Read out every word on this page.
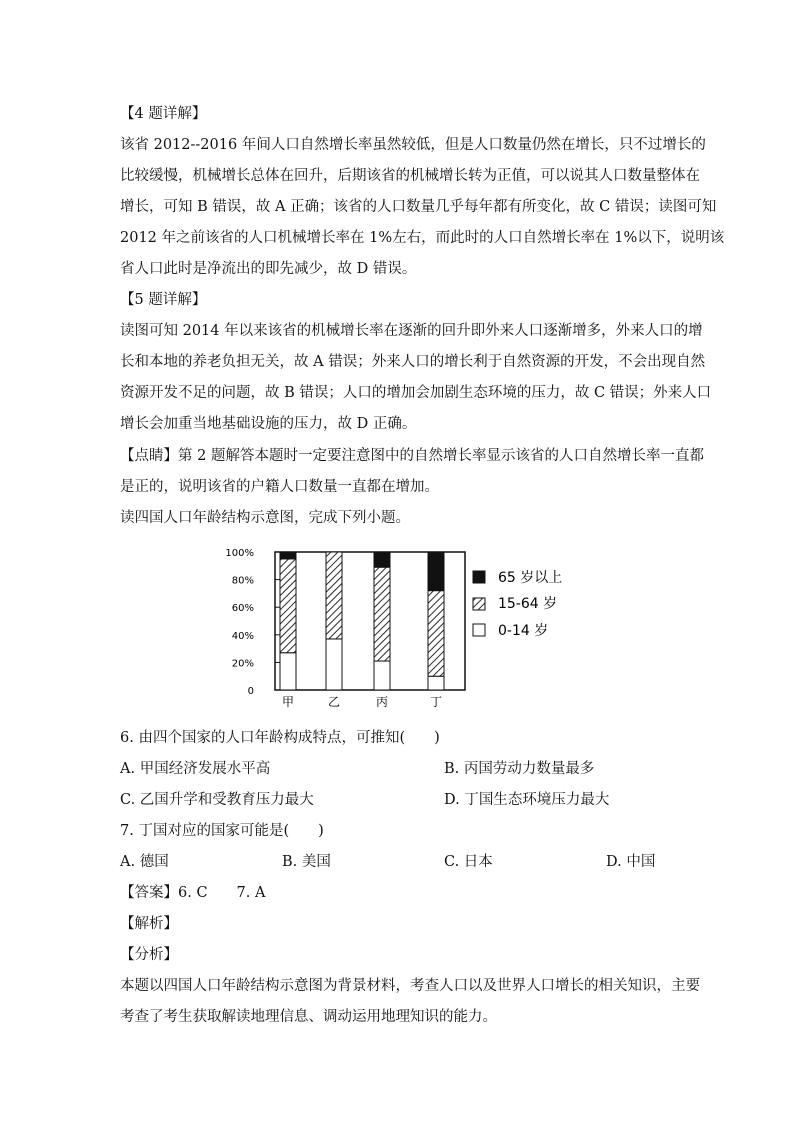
【4 题详解】
该省 2012--2016 年间人口自然增长率虽然较低，但是人口数量仍然在增长，只不过增长的
比较缓慢，机械增长总体在回升，后期该省的机械增长转为正值，可以说其人口数量整体在
增长，可知 B 错误，故 A 正确；该省的人口数量几乎每年都有所变化，故 C 错误；读图可知
2012 年之前该省的人口机械增长率在 1%左右，而此时的人口自然增长率在 1%以下，说明该
省人口此时是净流出的即先减少，故 D 错误。
【5 题详解】
读图可知 2014 年以来该省的机械增长率在逐渐的回升即外来人口逐渐增多，外来人口的增
长和本地的养老负担无关，故 A 错误；外来人口的增长利于自然资源的开发，不会出现自然
资源开发不足的问题，故 B 错误；人口的增加会加剧生态环境的压力，故 C 错误；外来人口
增长会加重当地基础设施的压力，故 D 正确。
【点睛】第 2 题解答本题时一定要注意图中的自然增长率显示该省的人口自然增长率一直都
是正的，说明该省的户籍人口数量一直都在增加。
读四国人口年龄结构示意图，完成下列小题。
0
20%
40%
60%
80%
100%
甲	乙	丙	丁
65 岁以上
15-64 岁
0-14 岁
6. 由四个国家的人口年龄构成特点，可推知(　　)
A. 甲国经济发展水平高	B. 丙国劳动力数量最多
C. 乙国升学和受教育压力最大	D. 丁国生态环境压力最大
7. 丁国对应的国家可能是(　　)
A. 德国	B. 美国	C. 日本	D. 中国
【答案】6. C　　7. A
【解析】
【分析】
本题以四国人口年龄结构示意图为背景材料，考查人口以及世界人口增长的相关知识，主要
考查了考生获取解读地理信息、调动运用地理知识的能力。
